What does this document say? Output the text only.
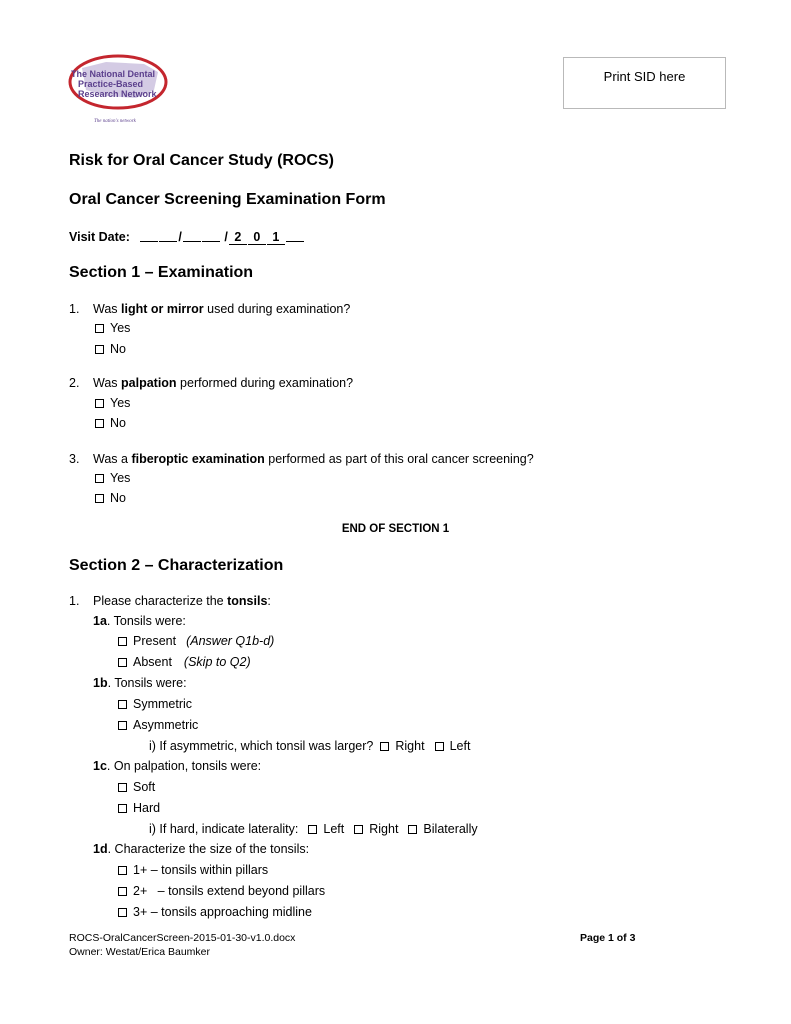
The National Dental
Practice-Based
Research Network
The nation's network
Print SID here
Risk for Oral Cancer Study (ROCS)
Oral Cancer Screening Examination Form
Visit Date:	/	/ 2 0 1
Section 1 – Examination
1. Was light or mirror used during examination?
Yes
No
2. Was palpation performed during examination?
Yes
No
3. Was a fiberoptic examination performed as part of this oral cancer screening?
Yes
No
END OF SECTION 1
Section 2 – Characterization
1. Please characterize the tonsils:
1a. Tonsils were:
Present (Answer Q1b-d)
Absent (Skip to Q2)
1b. Tonsils were:
Symmetric
Asymmetric
i) If asymmetric, which tonsil was larger? Right Left
1c. On palpation, tonsils were:
Soft
Hard
i) If hard, indicate laterality: Left Right Bilaterally
1d. Characterize the size of the tonsils:
1+ – tonsils within pillars
2+   – tonsils extend beyond pillars
3+ – tonsils approaching midline
ROCS-OralCancerScreen-2015-01-30-v1.0.docx
Owner: Westat/Erica Baumker
Page 1 of 3
